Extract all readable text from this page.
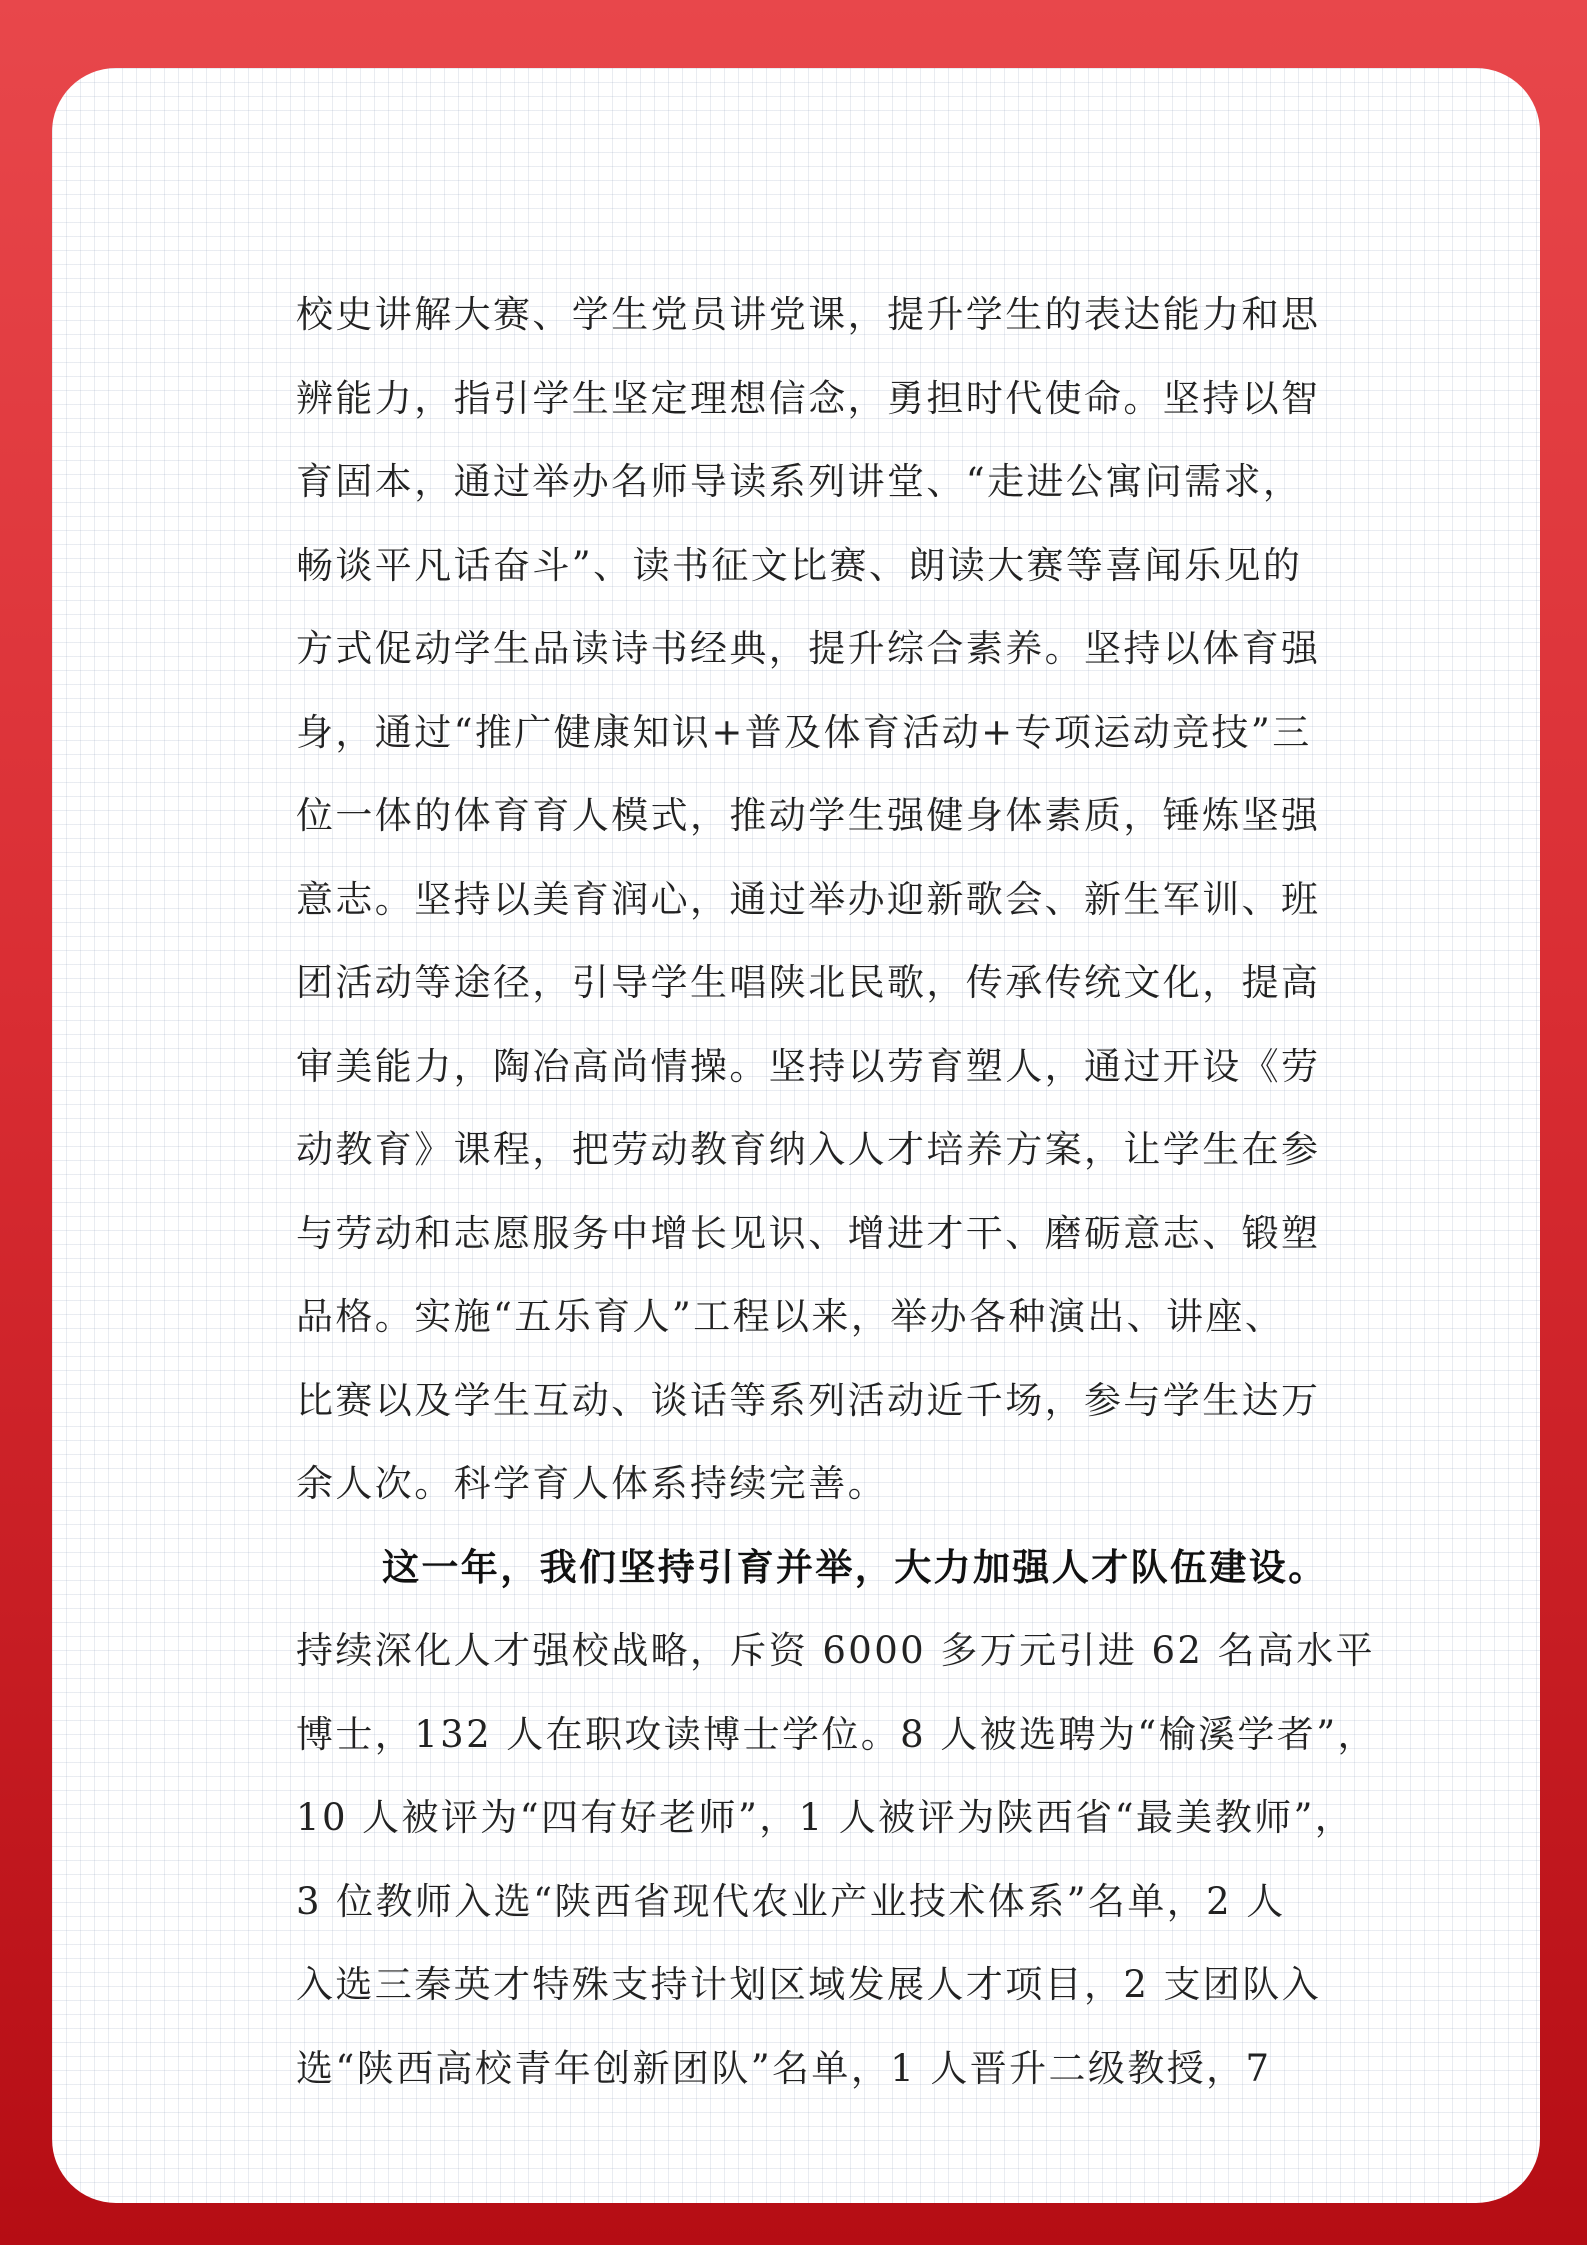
校史讲解大赛、学生党员讲党课，提升学生的表达能力和思
辨能力，指引学生坚定理想信念，勇担时代使命。坚持以智
育固本，通过举办名师导读系列讲堂、“走进公寓问需求，
畅谈平凡话奋斗”、读书征文比赛、朗读大赛等喜闻乐见的
方式促动学生品读诗书经典，提升综合素养。坚持以体育强
身，通过“推广健康知识+普及体育活动+专项运动竞技”三
位一体的体育育人模式，推动学生强健身体素质，锤炼坚强
意志。坚持以美育润心，通过举办迎新歌会、新生军训、班
团活动等途径，引导学生唱陕北民歌，传承传统文化，提高
审美能力，陶冶高尚情操。坚持以劳育塑人，通过开设《劳
动教育》课程，把劳动教育纳入人才培养方案，让学生在参
与劳动和志愿服务中增长见识、增进才干、磨砺意志、锻塑
品格。实施“五乐育人”工程以来，举办各种演出、讲座、
比赛以及学生互动、谈话等系列活动近千场，参与学生达万
余人次。科学育人体系持续完善。
这一年，我们坚持引育并举，大力加强人才队伍建设。
持续深化人才强校战略，斥资 6000 多万元引进 62 名高水平
博士，132 人在职攻读博士学位。8 人被选聘为“榆溪学者”，
10 人被评为“四有好老师”，1 人被评为陕西省“最美教师”，
3 位教师入选“陕西省现代农业产业技术体系”名单，2 人
入选三秦英才特殊支持计划区域发展人才项目，2 支团队入
选“陕西高校青年创新团队”名单，1 人晋升二级教授，7
